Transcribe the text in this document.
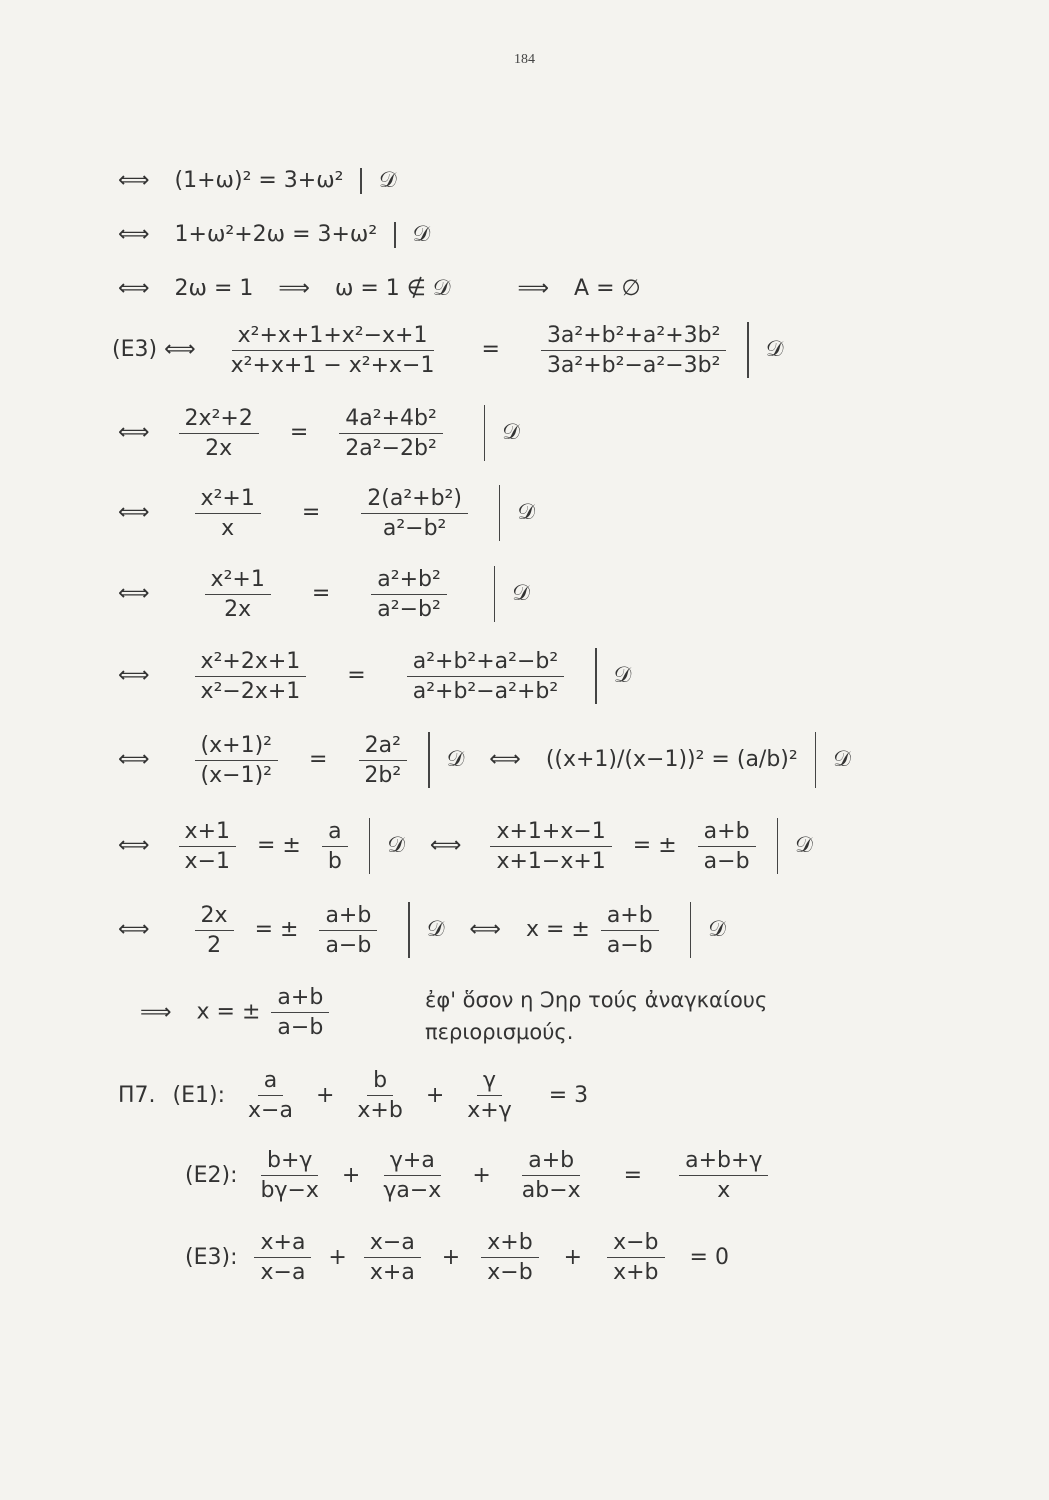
184
⟺ (1+ω)² = 3+ω² 𝒟
⟺ 1+ω²+2ω = 3+ω² 𝒟
⟺ 2ω = 1 ⟹ ω = 1 ∉ 𝒟	⟹ A = ∅
(E3) ⟺ $\frac{\text{x²+x+1+x²−x+1}}{\text{x²+x+1 − x²+x−1}} = \frac{\text{3a²+b²+a²+3b²}}{\text{3a²+b²−a²−3b²}}$ 𝒟
⟺ $\frac{\text{2x²+2}}{2x} = \frac{\text{4a²+4b²}}{\text{2a²−2b²}}$	𝒟
⟺ $\frac{\text{x²+1}}{x} = \frac{\text{2(a²+b²)}}{\text{a²−b²}}$ 𝒟
⟺	$\frac{\text{x²+1}}{2x} = \frac{\text{a²+b²}}{\text{a²−b²}}$	𝒟
⟺ $\frac{\text{x²+2x+1}}{\text{x²−2x+1}} = \frac{\text{a²+b²+a²−b²}}{\text{a²+b²−a²+b²}}$ 𝒟
⟺ $\frac{\text{(x+1)²}}{\text{(x−1)²}} = \frac{\text{2a²}}{\text{2b²}}$ 𝒟 ⟺ ((x+1)/(x−1))² = (a/b)² 𝒟
⟺ $\frac{x+1}{x-1}$ = ± $\frac{a}{b}$ 𝒟 ⟺ $\frac{x+1+x-1}{x+1-x+1}$ = ± $\frac{a+b}{a-b}$ 𝒟
⟺ $\frac{2x}{2}$ = ± $\frac{a+b}{a-b}$ 𝒟 ⟺ x = ± $\frac{a+b}{a-b}$ 𝒟
⟹ x = ± $\frac{a+b}{a-b}$	ἐφ' ὅσον η Ͻηρ τούς ἀναγκαίους
περιορισμούς.
Π7. (E1): $\frac{a}{x-a} + \frac{b}{x+b} + \frac{\gamma}{x+\gamma} = 3$
(E2): $\frac{b+\gamma}{b\gamma-x} + \frac{\gamma+a}{\gamma a-x} + \frac{a+b}{ab-x} = \frac{a+b+\gamma}{x}$
(E3): $\frac{x+a}{x-a} + \frac{x-a}{x+a} + \frac{x+b}{x-b} + \frac{x-b}{x+b} = 0$
